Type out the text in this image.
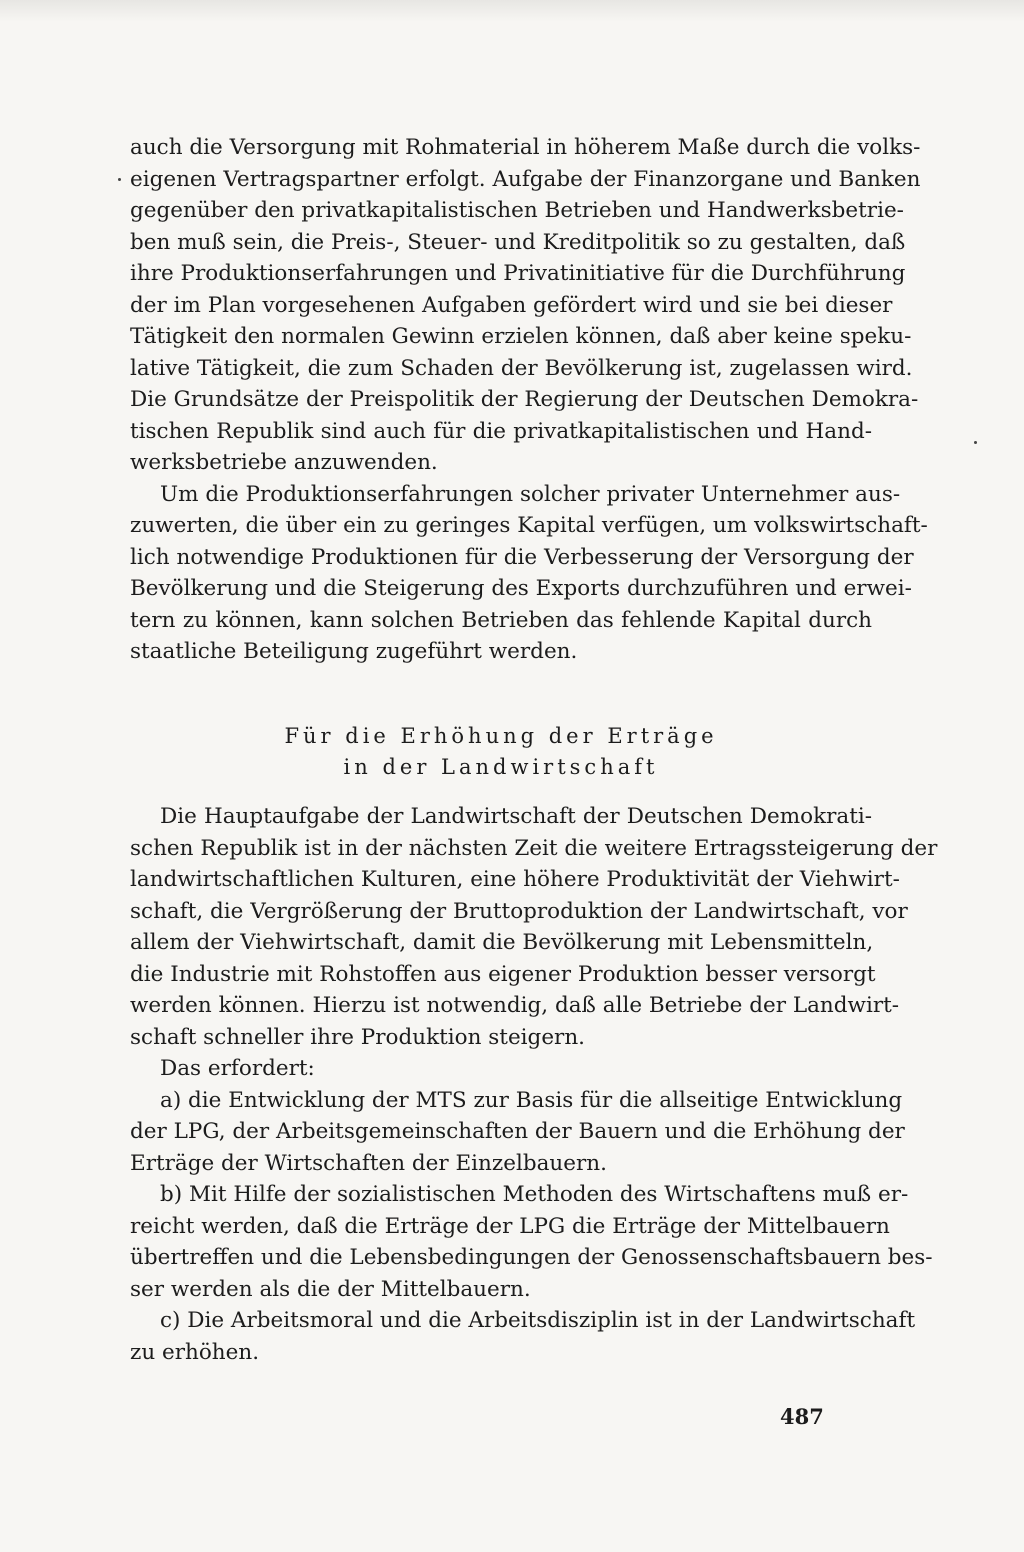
auch die Versorgung mit Rohmaterial in höherem Maße durch die volks-
eigenen Vertragspartner erfolgt. Aufgabe der Finanzorgane und Banken
gegenüber den privatkapitalistischen Betrieben und Handwerksbetrie-
ben muß sein, die Preis-, Steuer- und Kreditpolitik so zu gestalten, daß
ihre Produktionserfahrungen und Privatinitiative für die Durchführung
der im Plan vorgesehenen Aufgaben gefördert wird und sie bei dieser
Tätigkeit den normalen Gewinn erzielen können, daß aber keine speku-
lative Tätigkeit, die zum Schaden der Bevölkerung ist, zugelassen wird.
Die Grundsätze der Preispolitik der Regierung der Deutschen Demokra-
tischen Republik sind auch für die privatkapitalistischen und Hand-
werksbetriebe anzuwenden.
Um die Produktionserfahrungen solcher privater Unternehmer aus-
zuwerten, die über ein zu geringes Kapital verfügen, um volkswirtschaft-
lich notwendige Produktionen für die Verbesserung der Versorgung der
Bevölkerung und die Steigerung des Exports durchzuführen und erwei-
tern zu können, kann solchen Betrieben das fehlende Kapital durch
staatliche Beteiligung zugeführt werden.
Für die Erhöhung der Erträge
in der Landwirtschaft
Die Hauptaufgabe der Landwirtschaft der Deutschen Demokrati-
schen Republik ist in der nächsten Zeit die weitere Ertragssteigerung der
landwirtschaftlichen Kulturen, eine höhere Produktivität der Viehwirt-
schaft, die Vergrößerung der Bruttoproduktion der Landwirtschaft, vor
allem der Viehwirtschaft, damit die Bevölkerung mit Lebensmitteln,
die Industrie mit Rohstoffen aus eigener Produktion besser versorgt
werden können. Hierzu ist notwendig, daß alle Betriebe der Landwirt-
schaft schneller ihre Produktion steigern.
Das erfordert:
a) die Entwicklung der MTS zur Basis für die allseitige Entwicklung
der LPG, der Arbeitsgemeinschaften der Bauern und die Erhöhung der
Erträge der Wirtschaften der Einzelbauern.
b) Mit Hilfe der sozialistischen Methoden des Wirtschaftens muß er-
reicht werden, daß die Erträge der LPG die Erträge der Mittelbauern
übertreffen und die Lebensbedingungen der Genossenschaftsbauern bes-
ser werden als die der Mittelbauern.
c) Die Arbeitsmoral und die Arbeitsdisziplin ist in der Landwirtschaft
zu erhöhen.
487
